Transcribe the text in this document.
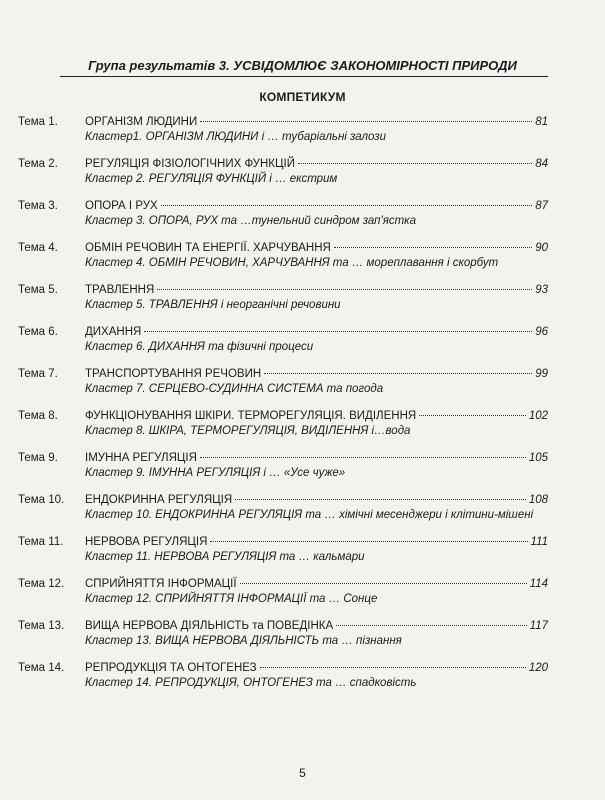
Група результатів 3. УСВІДОМЛЮЄ ЗАКОНОМІРНОСТІ ПРИРОДИ
КОМПЕТИКУМ
Тема 1.	ОРГАНІЗМ ЛЮДИНИ	81
Кластер1. ОРГАНІЗМ ЛЮДИНИ і … тубаріальні залози
Тема 2.	РЕГУЛЯЦІЯ ФІЗІОЛОГІЧНИХ ФУНКЦІЙ	84
Кластер 2. РЕГУЛЯЦІЯ ФУНКЦІЙ і … екстрим
Тема 3.	ОПОРА І РУХ	87
Кластер 3. ОПОРА, РУХ та …тунельний синдром зап'ястка
Тема 4.	ОБМІН РЕЧОВИН ТА ЕНЕРГІЇ. ХАРЧУВАННЯ	90
Кластер 4. ОБМІН РЕЧОВИН, ХАРЧУВАННЯ та … мореплавання і скорбут
Тема 5.	ТРАВЛЕННЯ	93
Кластер 5. ТРАВЛЕННЯ і неорганічні речовини
Тема 6.	ДИХАННЯ	96
Кластер 6. ДИХАННЯ та фізичні процеси
Тема 7.	ТРАНСПОРТУВАННЯ РЕЧОВИН	99
Кластер 7. СЕРЦЕВО-СУДИННА СИСТЕМА та погода
Тема 8.	ФУНКЦІОНУВАННЯ ШКІРИ. ТЕРМОРЕГУЛЯЦІЯ. ВИДІЛЕННЯ	102
Кластер 8. ШКІРА, ТЕРМОРЕГУЛЯЦІЯ, ВИДІЛЕННЯ і…вода
Тема 9.	ІМУННА РЕГУЛЯЦІЯ	105
Кластер 9. ІМУННА РЕГУЛЯЦІЯ і … «Усе чуже»
Тема 10.	ЕНДОКРИННА РЕГУЛЯЦІЯ	108
Кластер 10. ЕНДОКРИННА РЕГУЛЯЦІЯ та … хімічні месенджери і клітини-мішені
Тема 11.	НЕРВОВА РЕГУЛЯЦІЯ	111
Кластер 11. НЕРВОВА РЕГУЛЯЦІЯ та … кальмари
Тема 12.	СПРИЙНЯТТЯ ІНФОРМАЦІЇ	114
Кластер 12. СПРИЙНЯТТЯ ІНФОРМАЦІЇ та … Сонце
Тема 13.	ВИЩА НЕРВОВА ДІЯЛЬНІСТЬ та ПОВЕДІНКА	117
Кластер 13. ВИЩА НЕРВОВА ДІЯЛЬНІСТЬ та … пізнання
Тема 14.	РЕПРОДУКЦІЯ ТА ОНТОГЕНЕЗ	120
Кластер 14. РЕПРОДУКЦІЯ, ОНТОГЕНЕЗ та … спадковість
5
